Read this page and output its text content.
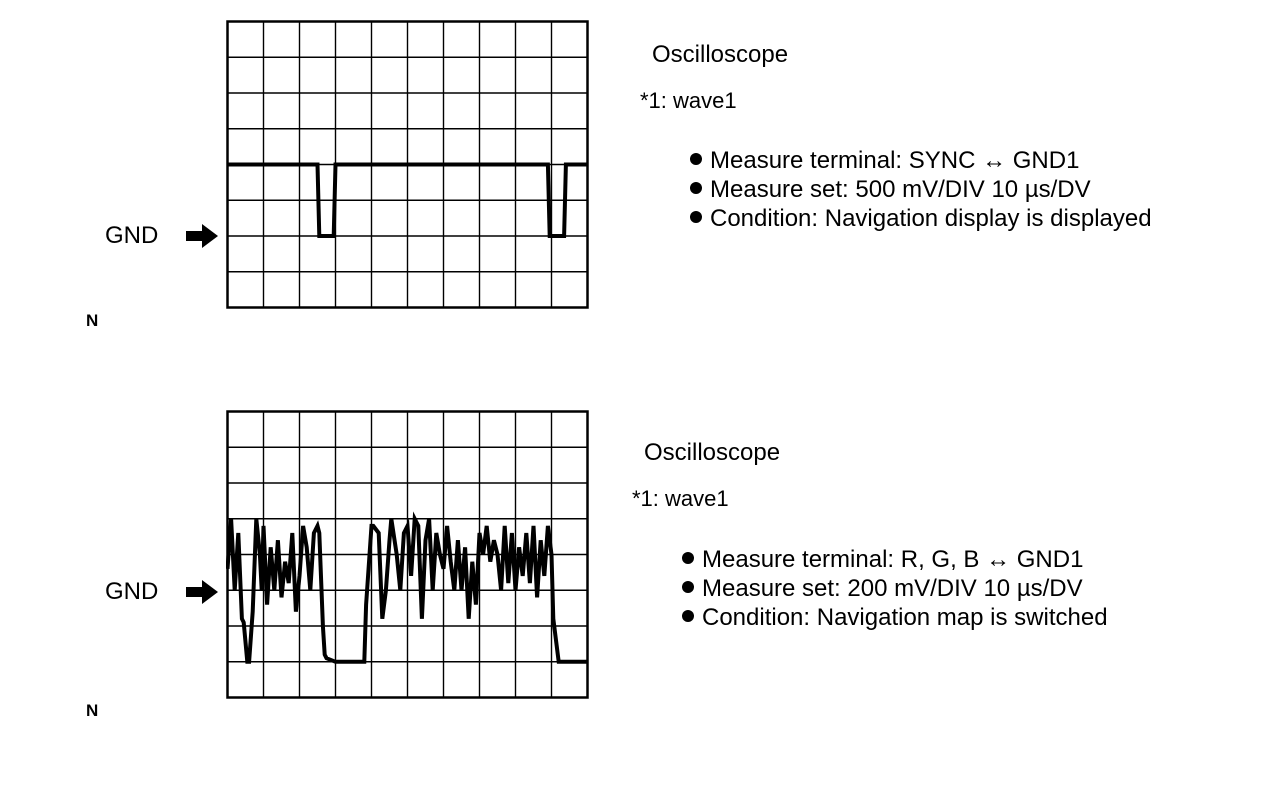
GND
N
Oscilloscope
*1: wave1
Measure terminal: SYNC ↔ GND1
Measure set: 500 mV/DIV 10 µs/DV
Condition: Navigation display is displayed
GND
N
Oscilloscope
*1: wave1
Measure terminal: R, G, B ↔ GND1
Measure set: 200 mV/DIV 10 µs/DV
Condition: Navigation map is switched
